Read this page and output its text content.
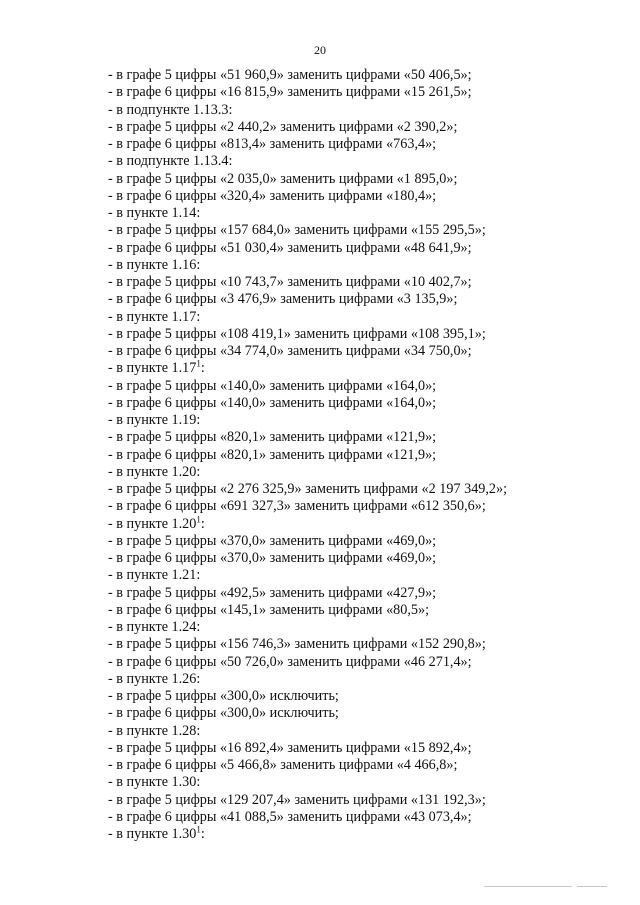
20
- в графе 5 цифры «51 960,9» заменить цифрами «50 406,5»;
- в графе 6 цифры «16 815,9» заменить цифрами «15 261,5»;
- в подпункте 1.13.3:
- в графе 5 цифры «2 440,2» заменить цифрами «2 390,2»;
- в графе 6 цифры «813,4» заменить цифрами «763,4»;
- в подпункте 1.13.4:
- в графе 5 цифры «2 035,0» заменить цифрами «1 895,0»;
- в графе 6 цифры «320,4» заменить цифрами «180,4»;
- в пункте 1.14:
- в графе 5 цифры «157 684,0» заменить цифрами «155 295,5»;
- в графе 6 цифры «51 030,4» заменить цифрами «48 641,9»;
- в пункте 1.16:
- в графе 5 цифры «10 743,7» заменить цифрами «10 402,7»;
- в графе 6 цифры «3 476,9» заменить цифрами «3 135,9»;
- в пункте 1.17:
- в графе 5 цифры «108 419,1» заменить цифрами «108 395,1»;
- в графе 6 цифры «34 774,0» заменить цифрами «34 750,0»;
- в пункте 1.17$^1$:
- в графе 5 цифры «140,0» заменить цифрами «164,0»;
- в графе 6 цифры «140,0» заменить цифрами «164,0»;
- в пункте 1.19:
- в графе 5 цифры «820,1» заменить цифрами «121,9»;
- в графе 6 цифры «820,1» заменить цифрами «121,9»;
- в пункте 1.20:
- в графе 5 цифры «2 276 325,9» заменить цифрами «2 197 349,2»;
- в графе 6 цифры «691 327,3» заменить цифрами «612 350,6»;
- в пункте 1.20$^1$:
- в графе 5 цифры «370,0» заменить цифрами «469,0»;
- в графе 6 цифры «370,0» заменить цифрами «469,0»;
- в пункте 1.21:
- в графе 5 цифры «492,5» заменить цифрами «427,9»;
- в графе 6 цифры «145,1» заменить цифрами «80,5»;
- в пункте 1.24:
- в графе 5 цифры «156 746,3» заменить цифрами «152 290,8»;
- в графе 6 цифры «50 726,0» заменить цифрами «46 271,4»;
- в пункте 1.26:
- в графе 5 цифры «300,0» исключить;
- в графе 6 цифры «300,0» исключить;
- в пункте 1.28:
- в графе 5 цифры «16 892,4» заменить цифрами «15 892,4»;
- в графе 6 цифры «5 466,8» заменить цифрами «4 466,8»;
- в пункте 1.30:
- в графе 5 цифры «129 207,4» заменить цифрами «131 192,3»;
- в графе 6 цифры «41 088,5» заменить цифрами «43 073,4»;
- в пункте 1.30$^1$:
